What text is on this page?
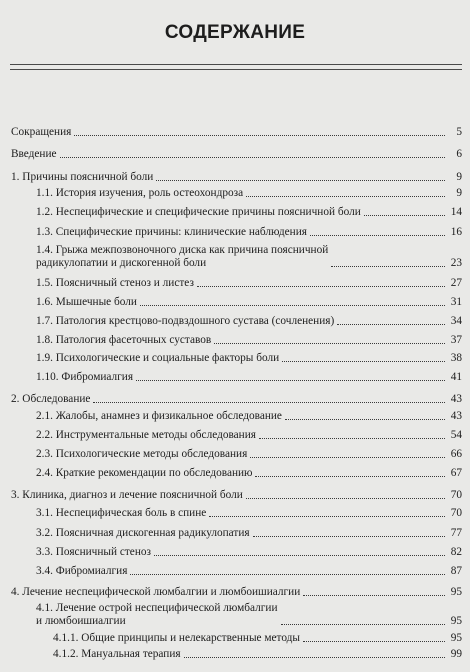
СОДЕРЖАНИЕ
Сокращения	5
Введение	6
1. Причины поясничной боли	9
1.1. История изучения, роль остеохондроза	9
1.2. Неспецифические и специфические причины поясничной боли	14
1.3. Специфические причины: клинические наблюдения	16
1.4. Грыжа межпозвоночного диска как причина поясничной
радикулопатии и дискогенной боли	23
1.5. Поясничный стеноз и листез	27
1.6. Мышечные боли	31
1.7. Патология крестцово-подвздошного сустава (сочленения)	34
1.8. Патология фасеточных суставов	37
1.9. Психологические и социальные факторы боли	38
1.10. Фибромиалгия	41
2. Обследование	43
2.1. Жалобы, анамнез и физикальное обследование	43
2.2. Инструментальные методы обследования	54
2.3. Психологические методы обследования	66
2.4. Краткие рекомендации по обследованию	67
3. Клиника, диагноз и лечение поясничной боли	70
3.1. Неспецифическая боль в спине	70
3.2. Поясничная дискогенная радикулопатия	77
3.3. Поясничный стеноз	82
3.4. Фибромиалгия	87
4. Лечение неспецифической люмбалгии и люмбоишиалгии	95
4.1. Лечение острой неспецифической люмбалгии
и люмбоишиалгии	95
4.1.1. Общие принципы и нелекарственные методы	95
4.1.2. Мануальная терапия	99
